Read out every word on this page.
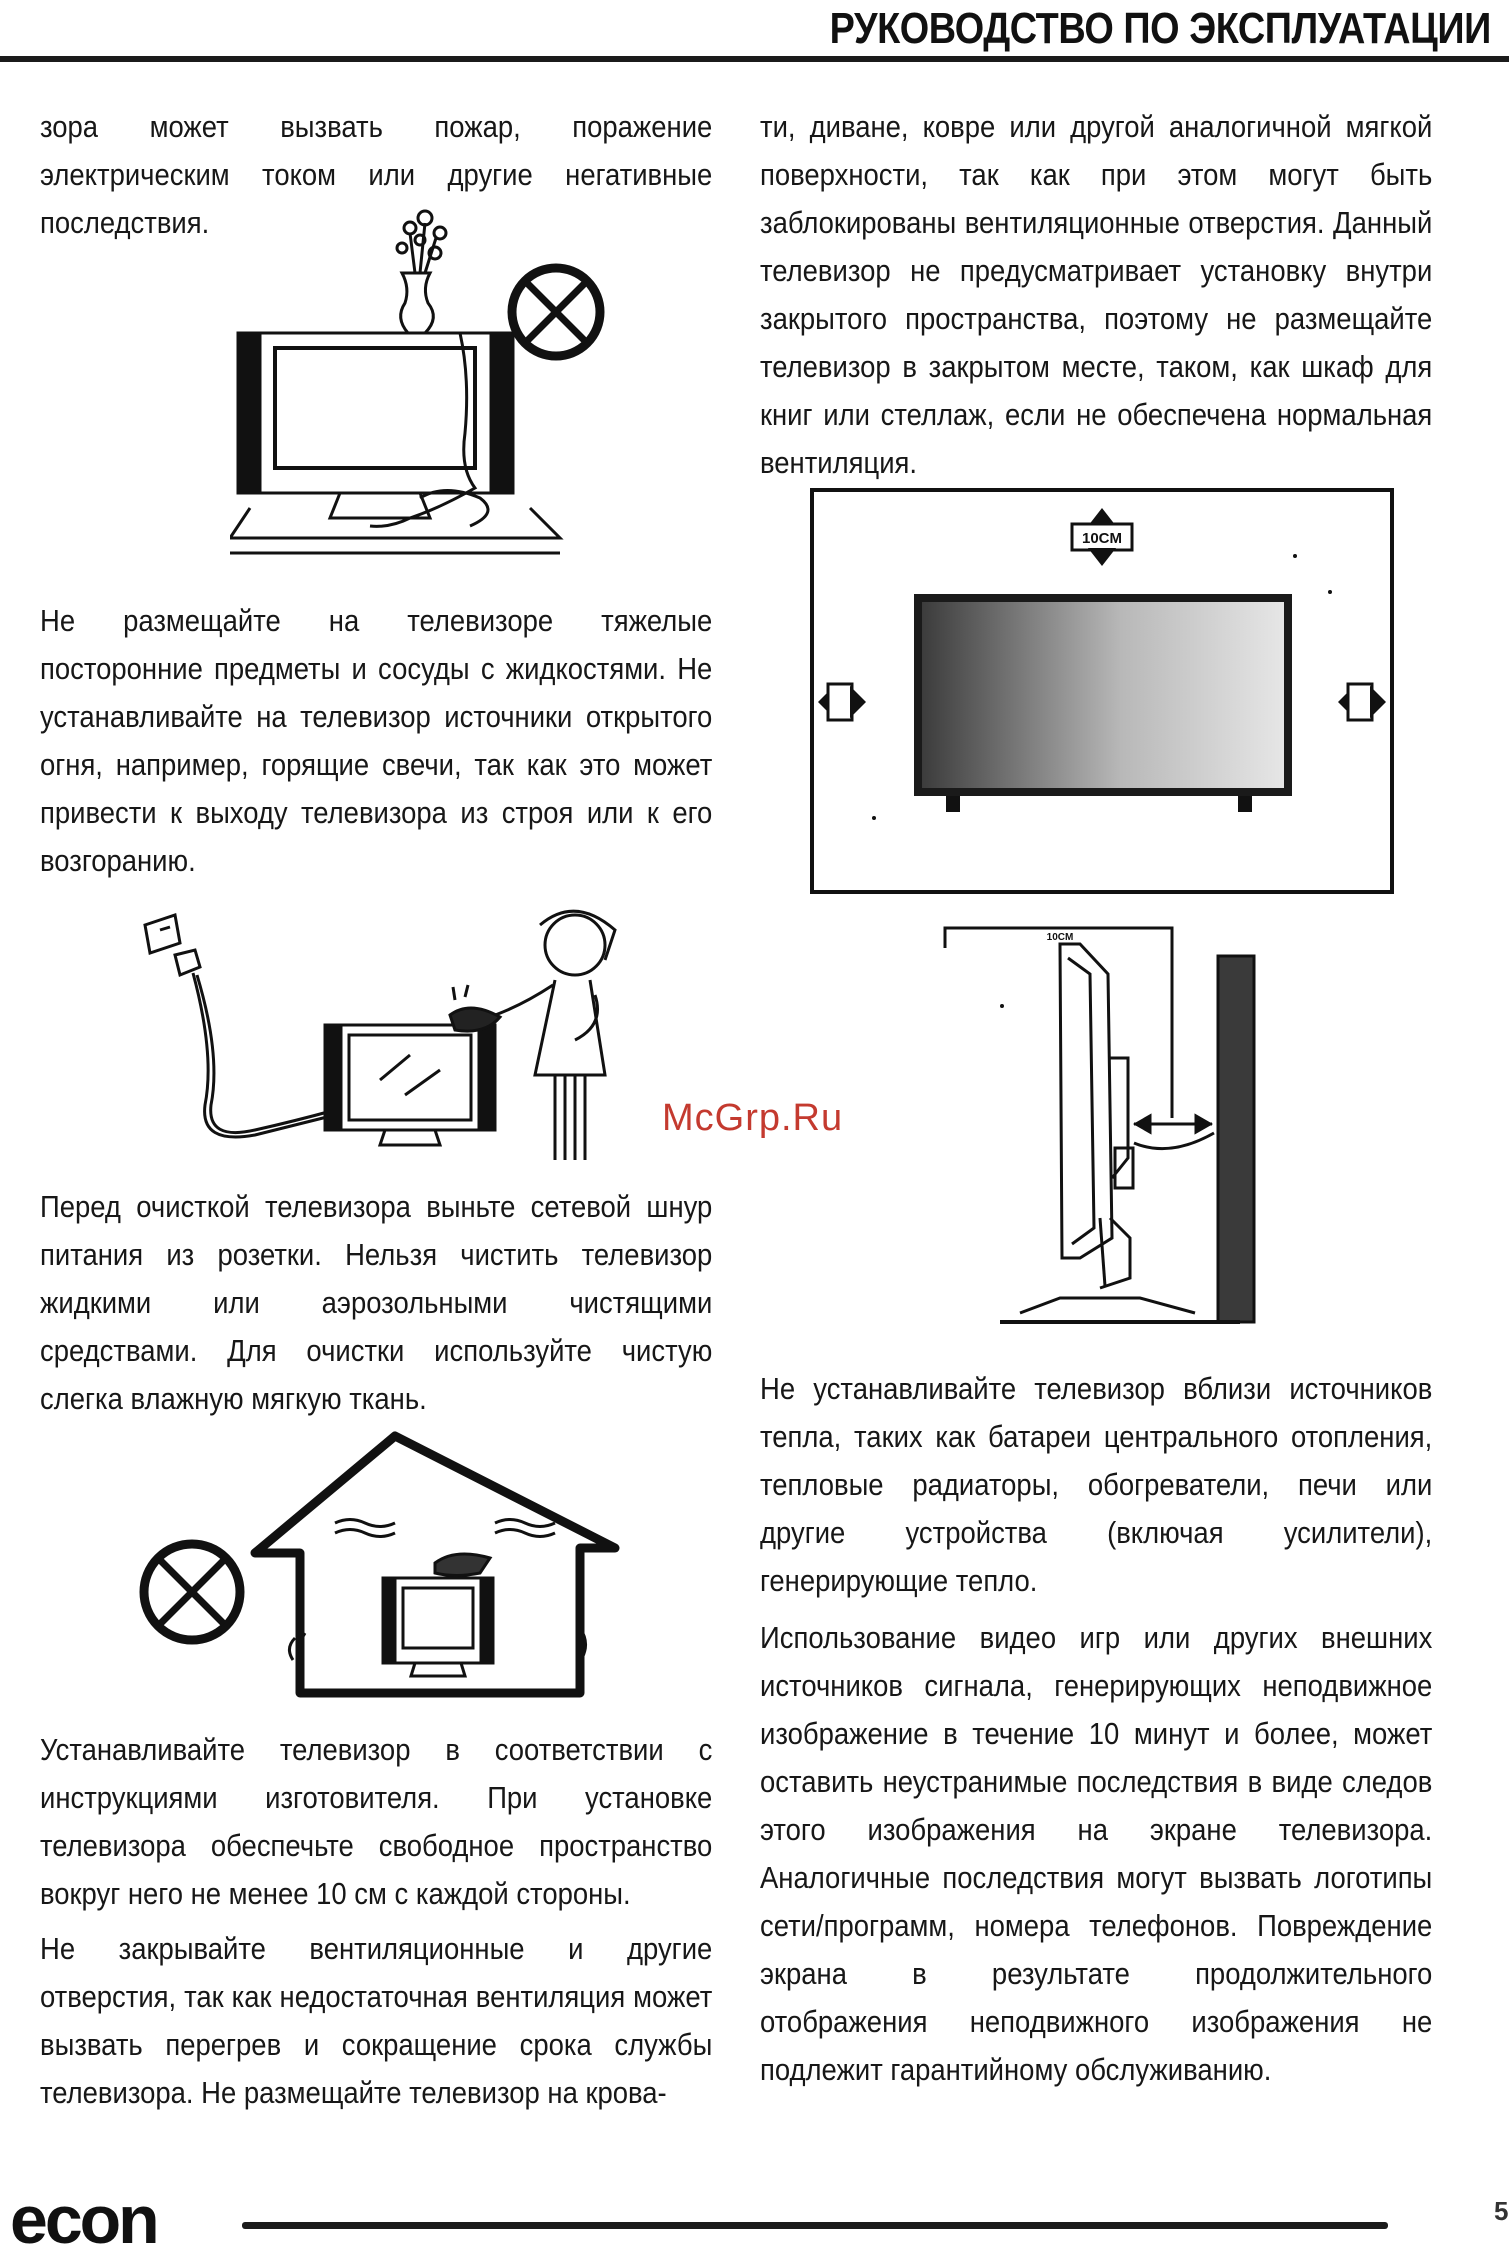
РУКОВОДСТВО ПО ЭКСПЛУАТАЦИИ

зора может вызвать пожар, поражение электрическим током или другие негативные последствия.

Не размещайте на телевизоре тяжелые посторонние предметы и сосуды с жидкостями. Не устанавливайте на телевизор источники открытого огня, например, горящие свечи, так как это может привести к выходу телевизора из строя или к его возгоранию.

McGrp.Ru

Перед очисткой телевизора выньте сетевой шнур питания из розетки. Нельзя чистить телевизор жидкими или аэрозольными чистящими средствами. Для очистки используйте чистую слегка влажную мягкую ткань.

Устанавливайте телевизор в соответствии с инструкциями изготовителя. При установке телевизора обеспечьте свободное пространство вокруг него не менее 10 см с каждой стороны.

Не закрывайте вентиляционные и другие отверстия, так как недостаточная вентиляция может вызвать перегрев и сокращение срока службы телевизора. Не размещайте телевизор на крова-

ти, диване, ковре или другой аналогичной мягкой поверхности, так как при этом могут быть заблокированы вентиляционные отверстия. Данный телевизор не предусматривает установку внутри закрытого пространства, поэтому не размещайте телевизор в закрытом месте, таком, как шкаф для книг или стеллаж, если не обеспечена нормальная вентиляция.

10CM
10CM

Не устанавливайте телевизор вблизи источников тепла, таких как батареи центрального отопления, тепловые радиаторы, обогреватели, печи или другие устройства (включая усилители), генерирующие тепло.

Использование видео игр или других внешних источников сигнала, генерирующих неподвижное изображение в течение 10 минут и более, может оставить неустранимые последствия в виде следов этого изображения на экране телевизора. Аналогичные последствия могут вызвать логотипы сети/программ, номера телефонов. Повреждение экрана в результате продолжительного отображения неподвижного изображения не подлежит гарантийному обслуживанию.

econ	5
